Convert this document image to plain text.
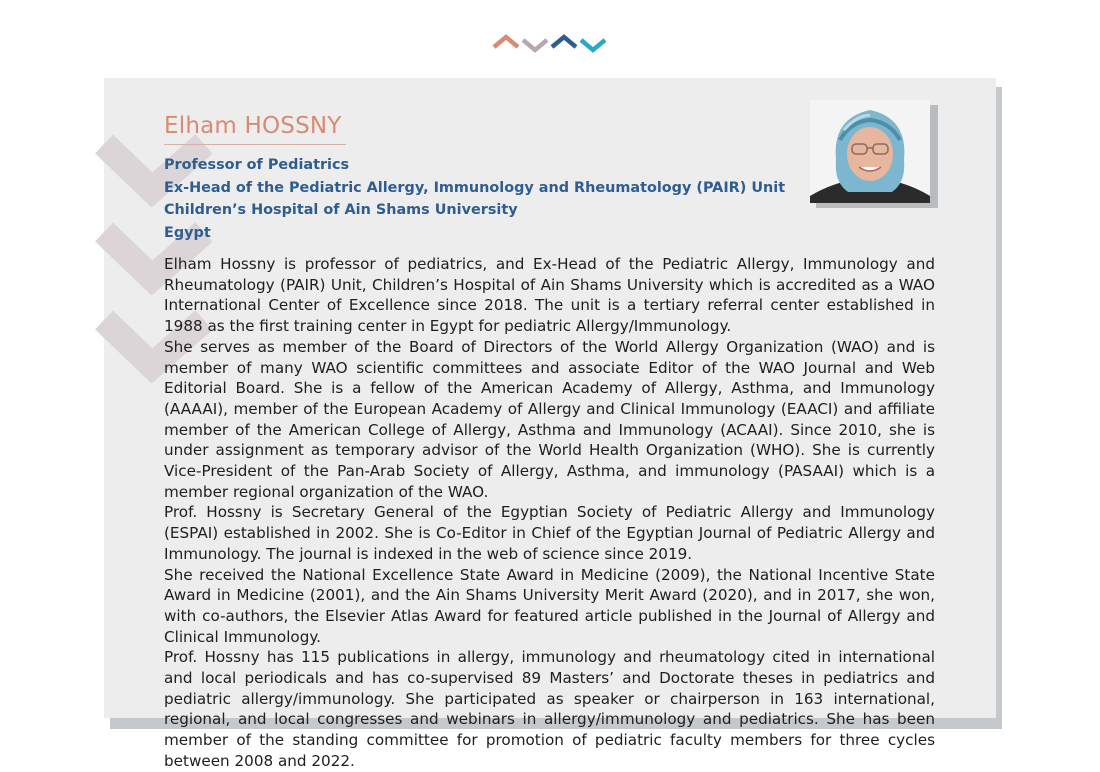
Elham HOSSNY
Professor of Pediatrics
Ex-Head of the Pediatric Allergy, Immunology and Rheumatology (PAIR) Unit
Children’s Hospital of Ain Shams University
Egypt

Elham Hossny is professor of pediatrics, and Ex-Head of the Pediatric Allergy, Immunology and Rheumatology (PAIR) Unit, Children’s Hospital of Ain Shams University which is accredited as a WAO International Center of Excellence since 2018. The unit is a tertiary referral center established in 1988 as the first training center in Egypt for pediatric Allergy/Immunology.

She serves as member of the Board of Directors of the World Allergy Organization (WAO) and is member of many WAO scientific committees and associate Editor of the WAO Journal and Web Editorial Board. She is a fellow of the American Academy of Allergy, Asthma, and Immunology (AAAAI), member of the European Academy of Allergy and Clinical Immunology (EAACI) and affiliate member of the American College of Allergy, Asthma and Immunology (ACAAI). Since 2010, she is under assignment as temporary advisor of the World Health Organization (WHO). She is currently Vice-President of the Pan-Arab Society of Allergy, Asthma, and immunology (PASAAI) which is a member regional organization of the WAO.

Prof. Hossny is Secretary General of the Egyptian Society of Pediatric Allergy and Immunology (ESPAI) established in 2002. She is Co-Editor in Chief of the Egyptian Journal of Pediatric Allergy and Immunology. The journal is indexed in the web of science since 2019.

She received the National Excellence State Award in Medicine (2009), the National Incentive State Award in Medicine (2001), and the Ain Shams University Merit Award (2020), and in 2017, she won, with co-authors, the Elsevier Atlas Award for featured article published in the Journal of Allergy and Clinical Immunology.

Prof. Hossny has 115 publications in allergy, immunology and rheumatology cited in international and local periodicals and has co-supervised 89 Masters’ and Doctorate theses in pediatrics and pediatric allergy/immunology. She participated as speaker or chairperson in 163 international, regional, and local congresses and webinars in allergy/immunology and pediatrics. She has been member of the standing committee for promotion of pediatric faculty members for three cycles between 2008 and 2022.
